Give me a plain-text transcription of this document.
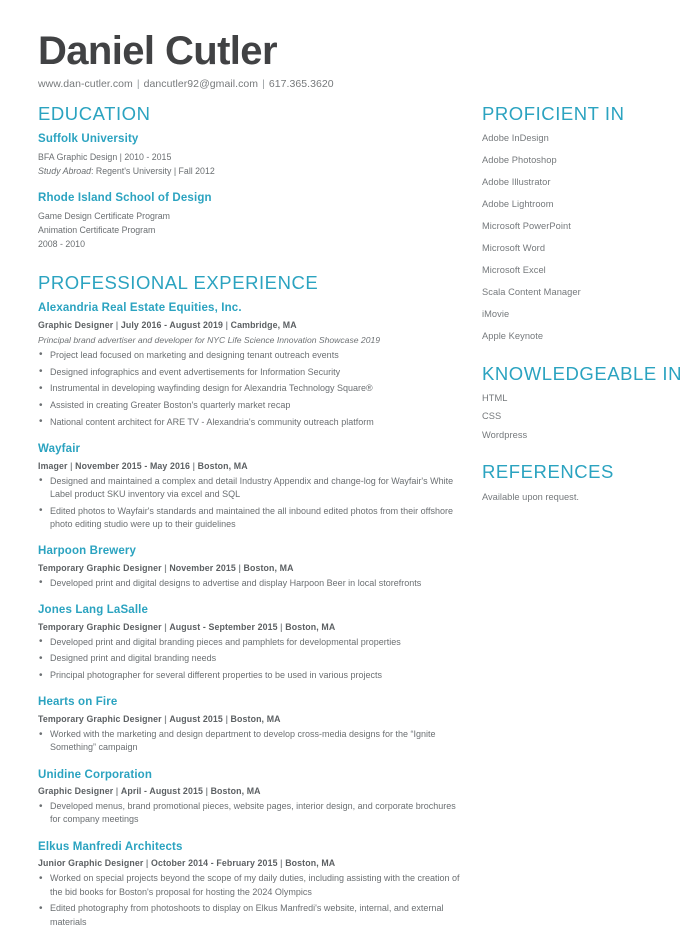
Daniel Cutler
www.dan-cutler.com | dancutler92@gmail.com | 617.365.3620
EDUCATION
Suffolk University
BFA Graphic Design | 2010 - 2015
Study Abroad: Regent's University | Fall 2012
Rhode Island School of Design
Game Design Certificate Program
Animation Certificate Program
2008 - 2010
PROFESSIONAL EXPERIENCE
Alexandria Real Estate Equities, Inc.
Graphic Designer | July 2016 - August 2019 | Cambridge, MA
Principal brand advertiser and developer for NYC Life Science Innovation Showcase 2019
• Project lead focused on marketing and designing tenant outreach events
• Designed infographics and event advertisements for Information Security
• Instrumental in developing wayfinding design for Alexandria Technology Square®
• Assisted in creating Greater Boston's quarterly market recap
• National content architect for ARE TV - Alexandria's community outreach platform
Wayfair
Imager | November 2015 - May 2016 | Boston, MA
• Designed and maintained a complex and detail Industry Appendix and change-log for Wayfair's White Label product SKU inventory via excel and SQL
• Edited photos to Wayfair's standards and maintained the all inbound edited photos from their offshore photo editing studio were up to their guidelines
Harpoon Brewery
Temporary Graphic Designer | November 2015 | Boston, MA
• Developed print and digital designs to advertise and display Harpoon Beer in local storefronts
Jones Lang LaSalle
Temporary Graphic Designer | August - September 2015 | Boston, MA
• Developed print and digital branding pieces and pamphlets for developmental properties
• Designed print and digital branding needs
• Principal photographer for several different properties to be used in various projects
Hearts on Fire
Temporary Graphic Designer | August 2015 | Boston, MA
• Worked with the marketing and design department to develop cross-media designs for the “Ignite Something” campaign
Unidine Corporation
Graphic Designer | April - August 2015 | Boston, MA
• Developed menus, brand promotional pieces, website pages, interior design, and corporate brochures for company meetings
Elkus Manfredi Architects
Junior Graphic Designer | October 2014 - February 2015 | Boston, MA
• Worked on special projects beyond the scope of my daily duties, including assisting with the creation of the bid books for Boston's proposal for hosting the 2024 Olympics
• Edited photography from photoshoots to display on Elkus Manfredi's website, internal, and external materials
PROFICIENT IN
Adobe InDesign
Adobe Photoshop
Adobe Illustrator
Adobe Lightroom
Microsoft PowerPoint
Microsoft Word
Microsoft Excel
Scala Content Manager
iMovie
Apple Keynote
KNOWLEDGEABLE IN
HTML
CSS
Wordpress
REFERENCES

Available upon request.
